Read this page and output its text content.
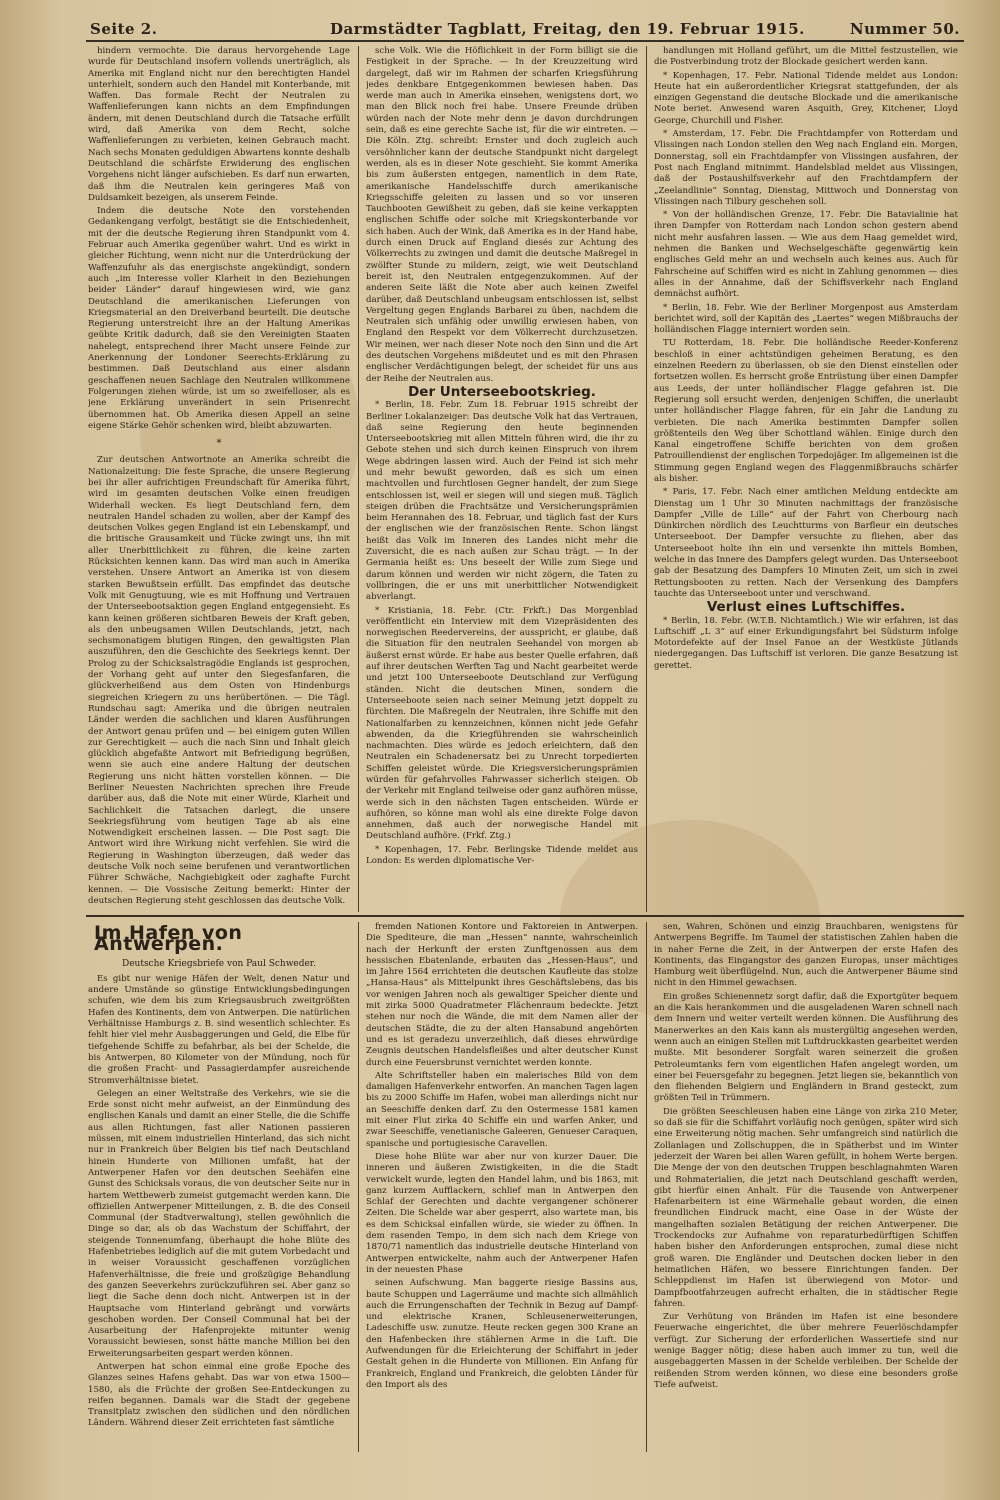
Seite 2.	Darmstädter Tagblatt, Freitag, den 19. Februar 1915.	Nummer 50.

hindern vermochte. Die daraus hervorgehende Lage wurde für Deutschland insofern vollends unerträglich, als Amerika mit England nicht nur den berechtigten Handel unterhielt, sondern auch den Handel mit Konterbande, mit Waffen. Das formale Recht der Neutralen zu Waffenlieferungen kann nichts an dem Empfindungen ändern, mit denen Deutschland durch die Tatsache erfüllt wird, daß Amerika von dem Recht, solche Waffenlieferungen zu verbieten, keinen Gebrauch macht. Nach sechs Monaten geduldigen Abwartens konnte deshalb Deutschland die schärfste Erwiderung des englischen Vorgehens nicht länger aufschieben. Es darf nun erwarten, daß ihm die Neutralen kein geringeres Maß von Duldsamkeit bezeigen, als unserem Feinde.

Indem die deutsche Note den vorstehenden Gedankengang verfolgt, bestätigt sie die Entschiedenheit, mit der die deutsche Regierung ihren Standpunkt vom 4. Februar auch Amerika gegenüber wahrt. Und es wirkt in gleicher Richtung, wenn nicht nur die Unterdrückung der Waffenzufuhr als das energischste angekündigt, sondern auch „im Interesse voller Klarheit in den Beziehungen beider Länder“ darauf hingewiesen wird, wie ganz Deutschland die amerikanischen Lieferungen von Kriegsmaterial an den Dreiverband beurteilt. Die deutsche Regierung unterstreicht ihre an der Haltung Amerikas geübte Kritik dadurch, daß sie den Vereinigten Staaten nahelegt, entsprechend ihrer Macht unsere Feinde zur Anerkennung der Londoner Seerechts-Erklärung zu bestimmen. Daß Deutschland aus einer alsdann geschaffenen neuen Sachlage den Neutralen willkommene Folgerungen ziehen würde, ist um so zweifelloser, als es jene Erklärung unverändert in sein Prisenrecht übernommen hat. Ob Amerika diesen Appell an seine eigene Stärke Gehör schenken wird, bleibt abzuwarten.

*

Zur deutschen Antwortnote an Amerika schreibt die Nationalzeitung: Die feste Sprache, die unsere Regierung bei ihr aller aufrichtigen Freundschaft für Amerika führt, wird im gesamten deutschen Volke einen freudigen Widerhall wecken. Es liegt Deutschland fern, dem neutralen Handel schaden zu wollen, aber der Kampf des deutschen Volkes gegen England ist ein Lebenskampf, und die britische Grausamkeit und Tücke zwingt uns, ihn mit aller Unerbittlichkeit zu führen, die keine zarten Rücksichten kennen kann. Das wird man auch in Amerika verstehen. Unsere Antwort an Amerika ist von diesem starken Bewußtsein erfüllt. Das empfindet das deutsche Volk mit Genugtuung, wie es mit Hoffnung und Vertrauen der Unterseebootsaktion gegen England entgegensieht. Es kann keinen größeren sichtbaren Beweis der Kraft geben, als den unbeugsamen Willen Deutschlands, jetzt, nach sechsmonatigem blutigen Ringen, den gewaltigsten Plan auszuführen, den die Geschichte des Seekriegs kennt. Der Prolog zu der Schicksalstragödie Englands ist gesprochen, der Vorhang geht auf unter den Siegesfanfaren, die glückverheißend aus dem Osten von Hindenburgs siegreichen Kriegern zu uns herübertönen. — Die Tägl. Rundschau sagt: Amerika und die übrigen neutralen Länder werden die sachlichen und klaren Ausführungen der Antwort genau prüfen und — bei einigem guten Willen zur Gerechtigkeit — auch die nach Sinn und Inhalt gleich glücklich abgefaßte Antwort mit Befriedigung begrüßen, wenn sie auch eine andere Haltung der deutschen Regierung uns nicht hätten vorstellen können. — Die Berliner Neuesten Nachrichten sprechen ihre Freude darüber aus, daß die Note mit einer Würde, Klarheit und Sachlichkeit die Tatsachen darlegt, die unsere Seekriegsführung vom heutigen Tage ab als eine Notwendigkeit erscheinen lassen. — Die Post sagt: Die Antwort wird ihre Wirkung nicht verfehlen. Sie wird die Regierung in Washington überzeugen, daß weder das deutsche Volk noch seine berufenen und verantwortlichen Führer Schwäche, Nachgiebigkeit oder zaghafte Furcht kennen. — Die Vossische Zeitung bemerkt: Hinter der deutschen Regierung steht geschlossen das deutsche Volk.

sche Volk. Wie die Höflichkeit in der Form billigt sie die Festigkeit in der Sprache. — In der Kreuzzeitung wird dargelegt, daß wir im Rahmen der scharfen Kriegsführung jedes denkbare Entgegenkommen bewiesen haben. Das werde man auch in Amerika einsehen, wenigstens dort, wo man den Blick noch frei habe. Unsere Freunde drüben würden nach der Note mehr denn je davon durchdrungen sein, daß es eine gerechte Sache ist, für die wir eintreten. — Die Köln. Ztg. schreibt: Ernster und doch zugleich auch versöhnlicher kann der deutsche Standpunkt nicht dargelegt werden, als es in dieser Note geschieht. Sie kommt Amerika bis zum äußersten entgegen, namentlich in dem Rate, amerikanische Handelsschiffe durch amerikanische Kriegsschiffe geleiten zu lassen und so vor unseren Tauchbooten Gewißheit zu geben, daß sie keine verkappten englischen Schiffe oder solche mit Kriegskonterbande vor sich haben. Auch der Wink, daß Amerika es in der Hand habe, durch einen Druck auf England diesés zur Achtung des Völkerrechts zu zwingen und damit die deutsche Maßregel in zwölfter Stunde zu mildern, zeigt, wie weit Deutschland bereit ist, den Neutralen entgegenzukommen. Auf der anderen Seite läßt die Note aber auch keinen Zweifel darüber, daß Deutschland unbeugsam entschlossen ist, selbst Vergeltung gegen Englands Barbarei zu üben, nachdem die Neutralen sich unfähig oder unwillig erwiesen haben, von England den Respekt vor dem Völkerrecht durchzusetzen. Wir meinen, wer nach dieser Note noch den Sinn und die Art des deutschen Vorgehens mißdeutet und es mit den Phrasen englischer Verdächtigungen belegt, der scheidet für uns aus der Reihe der Neutralen aus.

Der Unterseebootskrieg.

* Berlin, 18. Febr. Zum 18. Februar 1915 schreibt der Berliner Lokalanzeiger: Das deutsche Volk hat das Vertrauen, daß seine Regierung den heute beginnenden Unterseebootskrieg mit allen Mitteln führen wird, die ihr zu Gebote stehen und sich durch keinen Einspruch von ihrem Wege abdringen lassen wird. Auch der Feind ist sich mehr und mehr bewußt geworden, daß es sich um einen machtvollen und furchtlosen Gegner handelt, der zum Siege entschlossen ist, weil er siegen will und siegen muß. Täglich steigen drüben die Frachtsätze und Versicherungsprämien beim Herannahen des 18. Februar, und täglich fast der Kurs der englischen wie der französischen Rente. Schon längst heißt das Volk im Inneren des Landes nicht mehr die Zuversicht, die es nach außen zur Schau trägt. — In der Germania heißt es: Uns beseelt der Wille zum Siege und darum können und werden wir nicht zögern, die Taten zu vollbringen, die er uns mit unerbittlicher Notwendigkeit abverlangt.

* Kristiania, 18. Febr. (Ctr. Frkft.) Das Morgenblad veröffentlicht ein Interview mit dem Vizepräsidenten des norwegischen Reedervereins, der ausspricht, er glaube, daß die Situation für den neutralen Seehandel von morgen ab äußerst ernst würde. Er habe aus bester Quelle erfahren, daß auf ihrer deutschen Werften Tag und Nacht gearbeitet werde und jetzt 100 Unterseeboote Deutschland zur Verfügung ständen. Nicht die deutschen Minen, sondern die Unterseeboote seien nach seiner Meinung jetzt doppelt zu fürchten. Die Maßregeln der Neutralen, ihre Schiffe mit den Nationalfarben zu kennzeichnen, können nicht jede Gefahr abwenden, da die Kriegführenden sie wahrscheinlich nachmachten. Dies würde es jedoch erleichtern, daß den Neutralen ein Schadenersatz bei zu Unrecht torpedierten Schiffen geleistet würde. Die Kriegsversicherungsprämien würden für gefahrvolles Fahrwasser sicherlich steigen. Ob der Verkehr mit England teilweise oder ganz aufhören müsse, werde sich in den nächsten Tagen entscheiden. Würde er aufhören, so könne man wohl als eine direkte Folge davon annehmen, daß auch der norwegische Handel mit Deutschland aufhöre. (Frkf. Ztg.)

* Kopenhagen, 17. Febr. Berlingske Tidende meldet aus London: Es werden diplomatische Ver-

handlungen mit Holland geführt, um die Mittel festzustellen, wie die Postverbindung trotz der Blockade gesichert werden kann.

* Kopenhagen, 17. Febr. National Tidende meldet aus London: Heute hat ein außerordentlicher Kriegsrat stattgefunden, der als einzigen Gegenstand die deutsche Blockade und die amerikanische Note beriet. Anwesend waren Asquith, Grey, Kitchener, Lloyd George, Churchill und Fisher.

* Amsterdam, 17. Febr. Die Frachtdampfer von Rotterdam und Vlissingen nach London stellen den Weg nach England ein. Morgen, Donnerstag, soll ein Frachtdampfer von Vlissingen ausfahren, der Post nach England mitnimmt. Handelsblad meldet aus Vlissingen, daß der Postaushilfsverkehr auf den Frachtdampfern der „Zeelandlinie“ Sonntag, Dienstag, Mittwoch und Donnerstag von Vlissingen nach Tilbury geschehen soll.

* Von der holländischen Grenze, 17. Febr. Die Batavialinie hat ihren Dampfer von Rotterdam nach London schon gestern abend nicht mehr ausfahren lassen. — Wie aus dem Haag gemeldet wird, nehmen die Banken und Wechselgeschäfte gegenwärtig kein englisches Geld mehr an und wechseln auch keines aus. Auch für Fahrscheine auf Schiffen wird es nicht in Zahlung genommen — dies alles in der Annahme, daß der Schiffsverkehr nach England demnächst aufhört.

* Berlin, 18. Febr. Wie der Berliner Morgenpost aus Amsterdam berichtet wird, soll der Kapitän des „Laertes“ wegen Mißbrauchs der holländischen Flagge interniert worden sein.

TU Rotterdam, 18. Febr. Die holländische Reeder-Konferenz beschloß in einer achtstündigen geheimen Beratung, es den einzelnen Reedern zu überlassen, ob sie den Dienst einstellen oder fortsetzen wollen. Es herrscht große Entrüstung über einen Dampfer aus Leeds, der unter holländischer Flagge gefahren ist. Die Regierung soll ersucht werden, denjenigen Schiffen, die unerlaubt unter holländischer Flagge fahren, für ein Jahr die Landung zu verbieten. Die nach Amerika bestimmten Dampfer sollen größtenteils den Weg über Schottland wählen. Einige durch den Kanal eingetroffene Schiffe berichten von dem großen Patrouillendienst der englischen Torpedojäger. Im allgemeinen ist die Stimmung gegen England wegen des Flaggenmißbrauchs schärfer als bisher.

* Paris, 17. Febr. Nach einer amtlichen Meldung entdeckte am Dienstag um 1 Uhr 30 Minuten nachmittags der französische Dampfer „Ville de Lille“ auf der Fahrt von Cherbourg nach Dünkirchen nördlich des Leuchtturms von Barfleur ein deutsches Unterseeboot. Der Dampfer versuchte zu fliehen, aber das Unterseeboot holte ihn ein und versenkte ihn mittels Bomben, welche in das Innere des Dampfers gelegt wurden. Das Unterseeboot gab der Besatzung des Dampfers 10 Minuten Zeit, um sich in zwei Rettungsbooten zu retten. Nach der Versenkung des Dampfers tauchte das Unterseeboot unter und verschwand.

Verlust eines Luftschiffes.

* Berlin, 18. Febr. (W.T.B. Nichtamtlich.) Wie wir erfahren, ist das Luftschiff „L 3“ auf einer Erkundigungsfahrt bei Südsturm infolge Motordefekte auf der Insel Fanoe an der Westküste Jütlands niedergegangen. Das Luftschiff ist verloren. Die ganze Besatzung ist gerettet.

Im Hafen von Antwerpen.

Deutsche Kriegsbriefe von Paul Schweder.

Es gibt nur wenige Häfen der Welt, denen Natur und andere Umstände so günstige Entwicklungsbedingungen schufen, wie dem bis zum Kriegsausbruch zweitgrößten Hafen des Kontinents, dem von Antwerpen. Die natürlichen Verhältnisse Hamburgs z. B. sind wesentlich schlechter. Es fehlt hier viel mehr Ausbaggerungen und Geld, die Elbe für tiefgehende Schiffe zu befahrbar, als bei der Schelde, die bis Antwerpen, 80 Kilometer von der Mündung, noch für die großen Fracht- und Passagierdampfer ausreichende Stromverhältnisse bietet.

Gelegen an einer Weltstraße des Verkehrs, wie sie die Erde sonst nicht mehr aufweist, an der Einmündung des englischen Kanals und damit an einer Stelle, die die Schiffe aus allen Richtungen, fast aller Nationen passieren müssen, mit einem industriellen Hinterland, das sich nicht nur in Frankreich über Belgien bis tief nach Deutschland hinein Hunderte von Millionen umfaßt, hat der Antwerpener Hafen vor den deutschen Seehäfen eine Gunst des Schicksals voraus, die von deutscher Seite nur in hartem Wettbewerb zumeist gutgemacht werden kann. Die offiziellen Antwerpener Mitteilungen, z. B. die des Conseil Communal (der Stadtverwaltung), stellen gewöhnlich die Dinge so dar, als ob das Wachstum der Schiffahrt, der steigende Tonnenumfang, überhaupt die hohe Blüte des Hafenbetriebes lediglich auf die mit gutem Vorbedacht und in weiser Voraussicht geschaffenen vorzüglichen Hafenverhältnisse, die freie und großzügige Behandlung des ganzen Seeverkehrs zurückzuführen sei. Aber ganz so liegt die Sache denn doch nicht. Antwerpen ist in der Hauptsache vom Hinterland gebrängt und vorwärts geschoben worden. Der Conseil Communal hat bei der Ausarbeitung der Hafenprojekte mitunter wenig Voraussicht bewiesen, sonst hätte manche Million bei den Erweiterungsarbeiten gespart werden können.

Antwerpen hat schon einmal eine große Epoche des Glanzes seines Hafens gehabt. Das war von etwa 1500—1580, als die Früchte der großen See-Entdeckungen zu reifen begannen. Damals war die Stadt der gegebene Transitplatz zwischen den südlichen und den nördlichen Ländern. Während dieser Zeit errichteten fast sämtliche

fremden Nationen Kontore und Faktoreien in Antwerpen. Die Spediteure, die man „Hessen“ nannte, wahrscheinlich nach der Herkunft der ersten Zunftgenossen aus dem hessischen Ebatenlande, erbauten das „Hessen-Haus“, und im Jahre 1564 errichteten die deutschen Kaufleute das stolze „Hansa-Haus“ als Mittelpunkt ihres Geschäftslebens, das bis vor wenigen Jahren noch als gewaltiger Speicher diente und mit zirka 5000 Quadratmeter Flächenraum bedeckte. Jetzt stehen nur noch die Wände, die mit dem Namen aller der deutschen Städte, die zu der alten Hansabund angehörten und es ist geradezu unverzeihlich, daß dieses ehrwürdige Zeugnis deutschen Handelsfleißes und alter deutscher Kunst durch eine Feuersbrunst vernichtet werden konnte.

Alte Schriftsteller haben ein malerisches Bild von dem damaligen Hafenverkehr entworfen. An manchen Tagen lagen bis zu 2000 Schiffe im Hafen, wobei man allerdings nicht nur an Seeschiffe denken darf. Zu den Ostermesse 1581 kamen mit einer Flut zirka 40 Schiffe ein und warfen Anker, und zwar Seeschiffe, venetianische Galeeren, Genueser Caraquen, spanische und portugiesische Caravellen.

Diese hohe Blüte war aber nur von kurzer Dauer. Die inneren und äußeren Zwistigkeiten, in die die Stadt verwickelt wurde, legten den Handel lahm, und bis 1863, mit ganz kurzem Aufflackern, schlief man in Antwerpen den Schlaf der Gerechten und dachte vergangener schönerer Zeiten. Die Schelde war aber gesperrt, also wartete man, bis es dem Schicksal einfallen würde, sie wieder zu öffnen. In dem rasenden Tempo, in dem sich nach dem Kriege von 1870/71 namentlich das industrielle deutsche Hinterland von Antwerpen entwickelte, nahm auch der Antwerpener Hafen in der neuesten Phase

seinen Aufschwung. Man baggerte riesige Bassins aus, baute Schuppen und Lagerräume und machte sich allmählich auch die Errungenschaften der Technik in Bezug auf Dampf- und elektrische Kranen, Schleusenerweiterungen, Ladeschiffe usw. zunutze. Heute recken gegen 300 Krane an den Hafenbecken ihre stählernen Arme in die Luft. Die Aufwendungen für die Erleichterung der Schiffahrt in jeder Gestalt gehen in die Hunderte von Millionen. Ein Anfang für Frankreich, England und Frankreich, die gelobten Länder für den Import als des

sen, Wahren, Schönen und einzig Brauchbaren, wenigstens für Antwerpens Begriffe. Im Taumel der statistischen Zahlen haben die in naher Ferne die Zeit, in der Antwerpen der erste Hafen des Kontinents, das Eingangstor des ganzen Europas, unser mächtiges Hamburg weit überflügelnd. Nun, auch die Antwerpener Bäume sind nicht in den Himmel gewachsen.

Ein großes Schienennetz sorgt dafür, daß die Exportgüter bequem an die Kais herankommen und die ausgeladenen Waren schnell nach dem Innern und weiter verteilt werden können. Die Ausführung des Manerwerkes an den Kais kann als mustergültig angesehen werden, wenn auch an einigen Stellen mit Luftdruckkasten gearbeitet werden mußte. Mit besonderer Sorgfalt waren seinerzeit die großen Petroleumtanks fern vom eigentlichen Hafen angelegt worden, um einer bei Feuersgefahr zu begegnen. Jetzt liegen sie, bekanntlich von den fliehenden Belgiern und Engländern in Brand gesteckt, zum größten Teil in Trümmern.

Die größten Seeschleusen haben eine Länge von zirka 210 Meter, so daß sie für die Schiffahrt vorläufig noch genügen, später wird sich eine Erweiterung nötig machen. Sehr umfangreich sind natürlich die Zollanlagen und Zollschuppen, die in Spätherbst und im Winter jederzeit der Waren bei allen Waren gefüllt, in hohem Werte bergen. Die Menge der von den deutschen Truppen beschlagnahmten Waren und Rohmaterialien, die jetzt nach Deutschland geschafft werden, gibt hierfür einen Anhalt. Für die Tausende von Antwerpener Hafenarbeitern ist eine Wärmehalle gebaut worden, die einen freundlichen Eindruck macht, eine Oase in der Wüste der mangelhaften sozialen Betätigung der reichen Antwerpener. Die Trockendocks zur Aufnahme von reparaturbedürftigen Schiffen haben bisher den Anforderungen entsprochen, zumal diese nicht groß waren. Die Engländer und Deutschen docken lieber in den heimatlichen Häfen, wo bessere Einrichtungen fanden. Der Schleppdienst im Hafen ist überwiegend von Motor- und Dampfbootfahrzeugen aufrecht erhalten, die in städtischer Regie fahren.

Zur Verhütung von Bränden im Hafen ist eine besondere Feuerwache eingerichtet, die über mehrere Feuerlöschdampfer verfügt. Zur Sicherung der erforderlichen Wassertiefe sind nur wenige Bagger nötig; diese haben auch immer zu tun, weil die ausgebaggerten Massen in der Schelde verbleiben. Der Schelde der reißenden Strom werden können, wo diese eine besonders große Tiefe aufweist.
